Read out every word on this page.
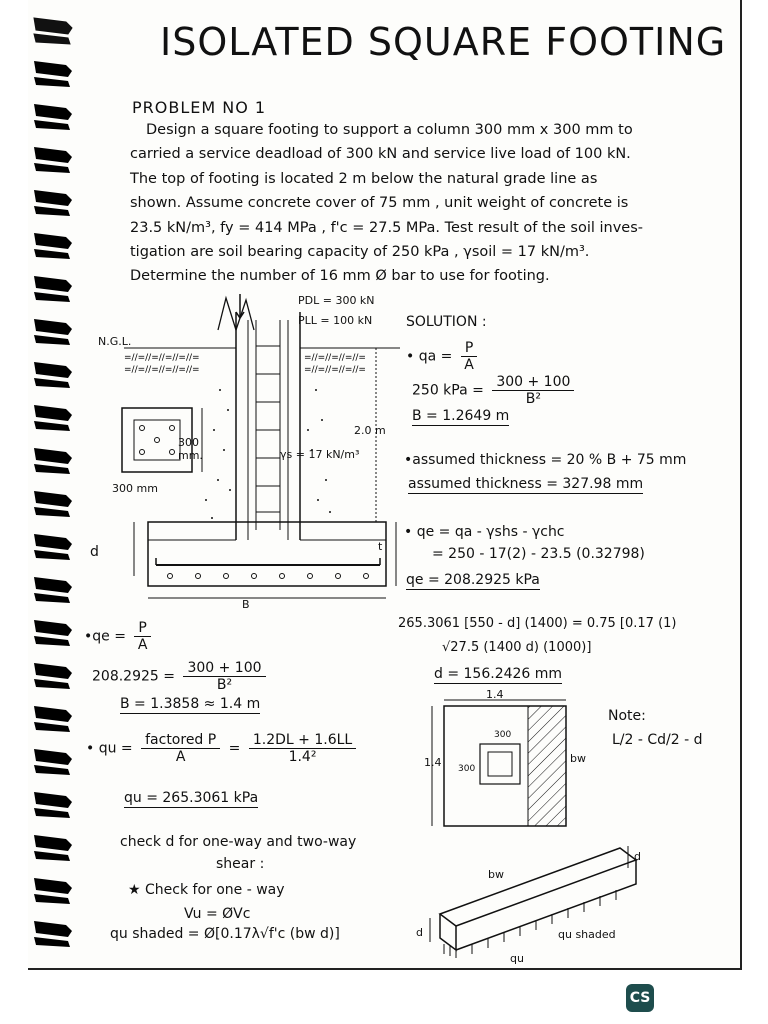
ISOLATED SQUARE FOOTING
PROBLEM NO 1
Design a square footing to support a column 300 mm x 300 mm to
carried a service deadload of 300 kN and service live load of 100 kN.
The top of footing is located 2 m below the natural grade line as
shown. Assume concrete cover of 75 mm , unit weight of concrete is
23.5 kN/m³, fy = 414 MPa , f'c = 27.5 MPa. Test result of the soil inves-
tigation are soil bearing capacity of 250 kPa , γsoil = 17 kN/m³.
Determine the number of 16 mm Ø bar to use for footing.
=//=//=//=//=//=
=//=//=//=//=//=
=//=//=//=//=
=//=//=//=//=
PDL = 300 kN
PLL = 100 kN
N.G.L.
2.0 m
γs = 17 kN/m³
300 mm.
300 mm
d	t
B
SOLUTION :
• qa = $\frac{P}{A}$
250 kPa = $\frac{300 + 100}{\text{B²}}$
B = 1.2649 m
•assumed thickness = 20 % B + 75 mm
assumed thickness = 327.98 mm
• qe = qa - γshs - γchc
= 250 - 17(2) - 23.5 (0.32798)
qe = 208.2925 kPa
265.3061 [550 - d] (1400) = 0.75 [0.17 (1)
√27.5 (1400 d) (1000)]
d = 156.2426 mm
•qe = $\frac{P}{A}$
$208.2925 = \frac{300 + 100}{\text{B²}}$
B = 1.3858 ≈ 1.4 m
• qu = $\frac{\text{factored P}}{A} = \frac{1.2DL + 1.6LL}{\text{1.4²}}$
qu = 265.3061 kPa
check d for one-way and two-way
shear :
★ Check for one - way
Vu = ØVc
qu shaded = Ø[0.17λ√f'c (bw d)]
1.4
1.4
300
300
bw
Note:
L/2 - Cd/2 - d
bw
d
d	qu shaded
qu
CS
